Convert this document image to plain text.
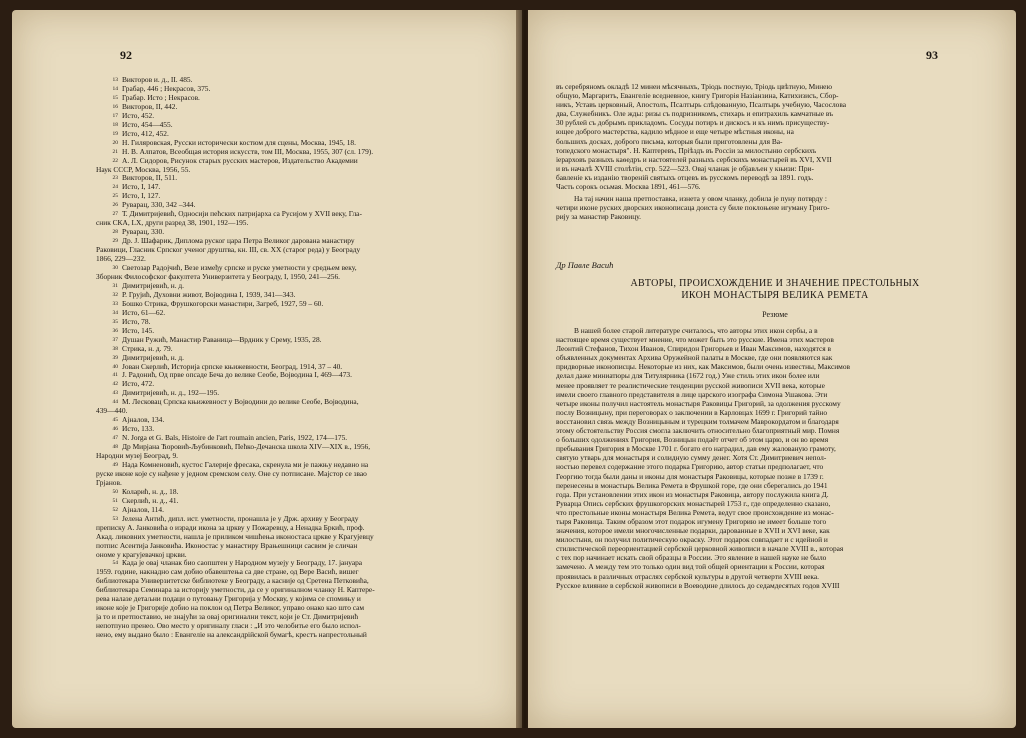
92
13 Викторов и. д., II. 485.
14 Грабар, 446 ; Некрасов, 375.
15 Грабар. Исто ; Некрасов.
16 Викторов, II, 442.
17 Исто, 452.
18 Исто, 454—455.
19 Исто, 412, 452.
20 Н. Гиляровская, Русски исторически костюм для сцены, Москва, 1945, 18.
21 Н. В. Алпатов, Всеобщая история искусств, том III, Москва, 1955, 307 (сл. 179).
22 А. Л. Сидоров, Рисунок старых русских мастеров, Издательство Академии
Наук СССР, Москва, 1956, 55.
23 Викторов, II, 511.
24 Исто, I, 147.
25 Исто, I, 127.
26 Руварац, 330, 342 –344.
27 Т. Димитријевић, Односији пећских патријарха са Русијом у XVII веку, Гла-
сник СКА, LX, други разред 38, 1901, 192—195.
28 Руварац, 330.
29 Др. Ј. Шафарик, Диплома руског цара Петра Великог дарована манастиру
Раковици, Гласник Српског ученог друштва, кн. III, св. XX (старог реда) у Београду
1866, 229—232.
30 Светозар Радојчић, Везе између српске и руске уметности у средњем веку,
Зборник Философског факултета Универзитета у Београду, I, 1950, 241—256.
31 Димитријевић, н. д.
32 Р. Грујић, Духовни живот, Војводина I, 1939, 341—343.
33 Бошко Стрика, Фрушкогорски манастири, Загреб, 1927, 59 – 60.
34 Исто, 61—62.
35 Исто, 78.
36 Исто, 145.
37 Душан Ружић, Манастир Раваница—Врдник у Срему, 1935, 28.
38 Стрика, н. д. 79.
39 Димитријевић, н. д.
40 Јован Скерлић, Историја српске књижевности, Београд, 1914, 37 – 40.
41 Ј. Радонић, Од прве опсаде Беча до велике Сеобе, Војводина I, 469—473.
42 Исто, 472.
43 Димитријевић, н. д., 192—195.
44 М. Лесковац Српска књижевност у Војводини до велике Сеобе, Војводина,
439—440.
45 Ајналов, 134.
46 Исто, 133.
47 N. Jorga et G. Bals, Histoire de l'art roumain ancien, Paris, 1922, 174—175.
48 Др Мирјана Ћоровић-Љубинковић, Пећко-Дечанска школа XIV—XIX в., 1956,
Народни музеј Београд, 9.
49 Нада Комненовић, кустос Галерије фресака, скренула ми је пажњу недавно на
руске иконе које су нађене у једном сремском селу. Оне су потписане. Мајстор се звао
Грјанов.
50 Коларић, н. д., 18.
51 Скерлић, н. д., 41.
52 Ајналов, 114.
53 Јелена Антић, дипл. ист. уметности, пронашла је у Држ. архиву у Београду
преписку А. Јанковића о изради икона за цркву у Пожаревцу, а Ненадка Бркић, проф.
Акад. ликовних уметности, нашла је приликом чишћења иконостаса цркве у Крагујевцу
потпис Асентија Јанковића. Иконостас у манастиру Врањешници сасвим је сличан
ономе у крагујевачкој цркви.
54 Када је овај чланак био саопштен у Народном музеју у Београду, 17. јануара
1959. године, накнадно сам добио обавештења са две стране, од Вере Васић, вишег
библиотекара Универзитетске библиотеке у Београду, а касније од Сретена Петковића,
библиотекара Семинара за историју уметности, да се у оригиналном чланку Н. Каптере-
рева налазе детаљни подаци о путовању Григорија у Москву, у којима се спомињу и
иконе које је Григорије добио на поклон од Петра Великог, управо онако као што сам
ја то и претпоставио, не знајући за овај оригинални текст, који је Ст. Димитријевић
непотпуно пренео. Ово место у оригиналу гласи : „И это челобитье его было испол-
нено, ему выдано было : Евангеліе на александрійской бумагѣ, крестъ напрестольный
93
въ серебряномъ окладѣ 12 минеи мѣсячныхъ, Тріодь постную, Тріодь цвѣтную, Минею
общую, Маргаритъ, Евангеліе вседневное, книгу Григорія Назіанзина, Катихизисъ, Сбор-
никъ, Уставъ церковный, Апостолъ, Псалтырь слѣдованную, Псалтырь учебную, Часослова
два, Служебникъ. Оле жды: ризы съ подризникомъ, стихарь и епитрахиль камчатные въ
30 рублей съ добрымъ прикладомъ. Сосуды потиръ и дискосъ и къ нимъ присуществу-
ющее доброго мастерства, кадило мѣдное и еще четыре мѣстныя иконы, на
большихъ досках, доброго письма, которыя были приготовлены для Ва-
топедского монастыря". Н. Каптеревъ, Пріѣздъ въ Россіи за милостыню сербскихъ
іерарховъ разныхъ каѳедръ и настоятелей разныхъ сербскихъ монастырей въ XVI, XVII
и въ началѣ XVIII столѣтіи, стр. 522—523. Овај чланак је објављен у књизи: При-
бавленіе къ изданію твореній святыхъ отцевъ въ русскомъ переводѣ за 1891. годъ.
Часть сорокъ осьмая. Москва 1891, 461—576.
На тај начин наша претпоставка, изнета у овом чланку, добила је пуну потврду :
четири иконе руских дворских иконописаца доиста су биле поклоњене игуману Григо-
рију за манастир Раковицу.
Др Павле Васић
АВТОРЫ, ПРОИСХОЖДЕНИЕ И ЗНАЧЕНИЕ ПРЕСТОЛЬНЫХ
ИКОН МОНАСТЫРЯ ВЕЛИКА РЕМЕТА
Резюме
В нашей более старой литературе считалось, что авторы этих икон сербы, а в
настоящее время существует мнение, что может быть это русские. Имена этих мастеров
Леонтий Стефанов, Тихон Иванов, Спиридон Григорьев и Иван Максимов, находятся в
объявленных документах Архива Оружейной палаты в Москве, где они появляются как
придворные иконописцы. Некоторые из них, как Максимов, были очень известны, Максимов
делал даже миниатюры для Титулярника (1672 год.) Уже стиль этих икон более или
менее проявляет те реалистические тенденции русской живописи XVII века, которые
имели своего главного представителя в лице царского изографа Симона Ушакова. Эти
четыре иконы получил настоятель монастыря Раковицы Григорий, за одолжения русскому
послу Возницыну, при переговорах о заключении в Карловцах 1699 г. Григорий тайно
восстановил связь между Возницыным и турецким толмачем Маврокордатом и благодаря
этому обстоятельству Россия смогла заключить относительно благоприятный мир. Помня
о больших одолжениях Григория, Возницын подаёт отчет об этом царю, и он во время
пребывания Григория в Москве 1701 г. богато его наградил, дав ему жалованую грамоту,
святую утварь для монастыря и солидную сумму денег. Хотя Ст. Димитриевич непол-
ностью перевел содержание этого подарка Григорию, автор статьи предполагает, что
Георгию тогда были даны и иконы для монастыря Раковицы, которые позже в 1739 г.
перенесены в монастырь Велика Ремета в Фрушкой горе, где они сберегались до 1941
года. При установлении этих икон из монастыря Раковица, автору послужила книга Д.
Руварца Опись сербских фрушкогорских монастырей 1753 г., где определенно сказано,
что престольные иконы монастыря Велика Ремета, ведут свое происхождение из монас-
тыря Раковица. Таким образом этот подарок игумену Григорию не имеет больше того
значения, которое имели многочисленные подарки, дарованные в XVII и XVI веке, как
милостыня, он получил политическую окраску. Этот подарок совпадает и с идейной и
стилистической переориентацией сербской церковной живописи в начале XVIII в., которая
с тех пор начинает искать свой образцы в России. Это явление в нашей науке не было
замечено. А между тем это только один вид той общей ориентации к России, которая
проявилась в различных отраслях сербской культуры в другой четверти XVIII века.
Русское влияние в сербской живописи в Воеводине длилось до седамдесятых годов XVIII
